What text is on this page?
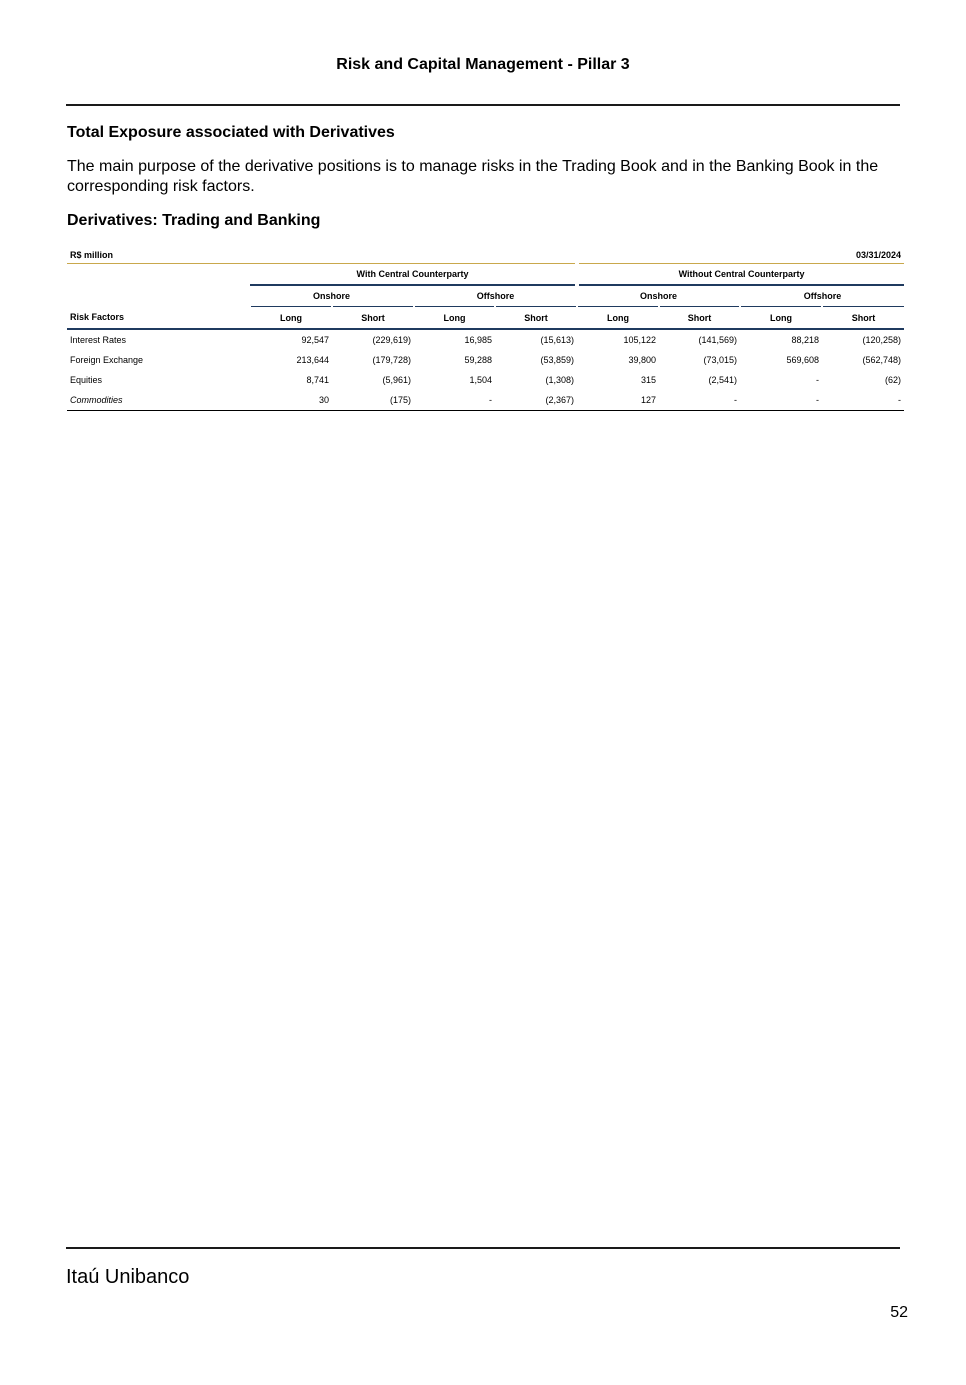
Risk and Capital Management - Pillar 3
Total Exposure associated with Derivatives
The main purpose of the derivative positions is to manage risks in the Trading Book and in the Banking Book in the corresponding risk factors.
Derivatives: Trading and Banking
R$ million	03/31/2024							
	With Central Counterparty				Without Central Counterparty			
	Onshore		Offshore		Onshore		Offshore	
Risk Factors	Long	Short	Long	Short	Long	Short	Long	Short
Interest Rates	92,547	(229,619)	16,985	(15,613)	105,122	(141,569)	88,218	(120,258)
Foreign Exchange	213,644	(179,728)	59,288	(53,859)	39,800	(73,015)	569,608	(562,748)
Equities	8,741	(5,961)	1,504	(1,308)	315	(2,541)	-	(62)
Commodities	30	(175)	-	(2,367)	127	-	-	-
Itaú Unibanco
52
